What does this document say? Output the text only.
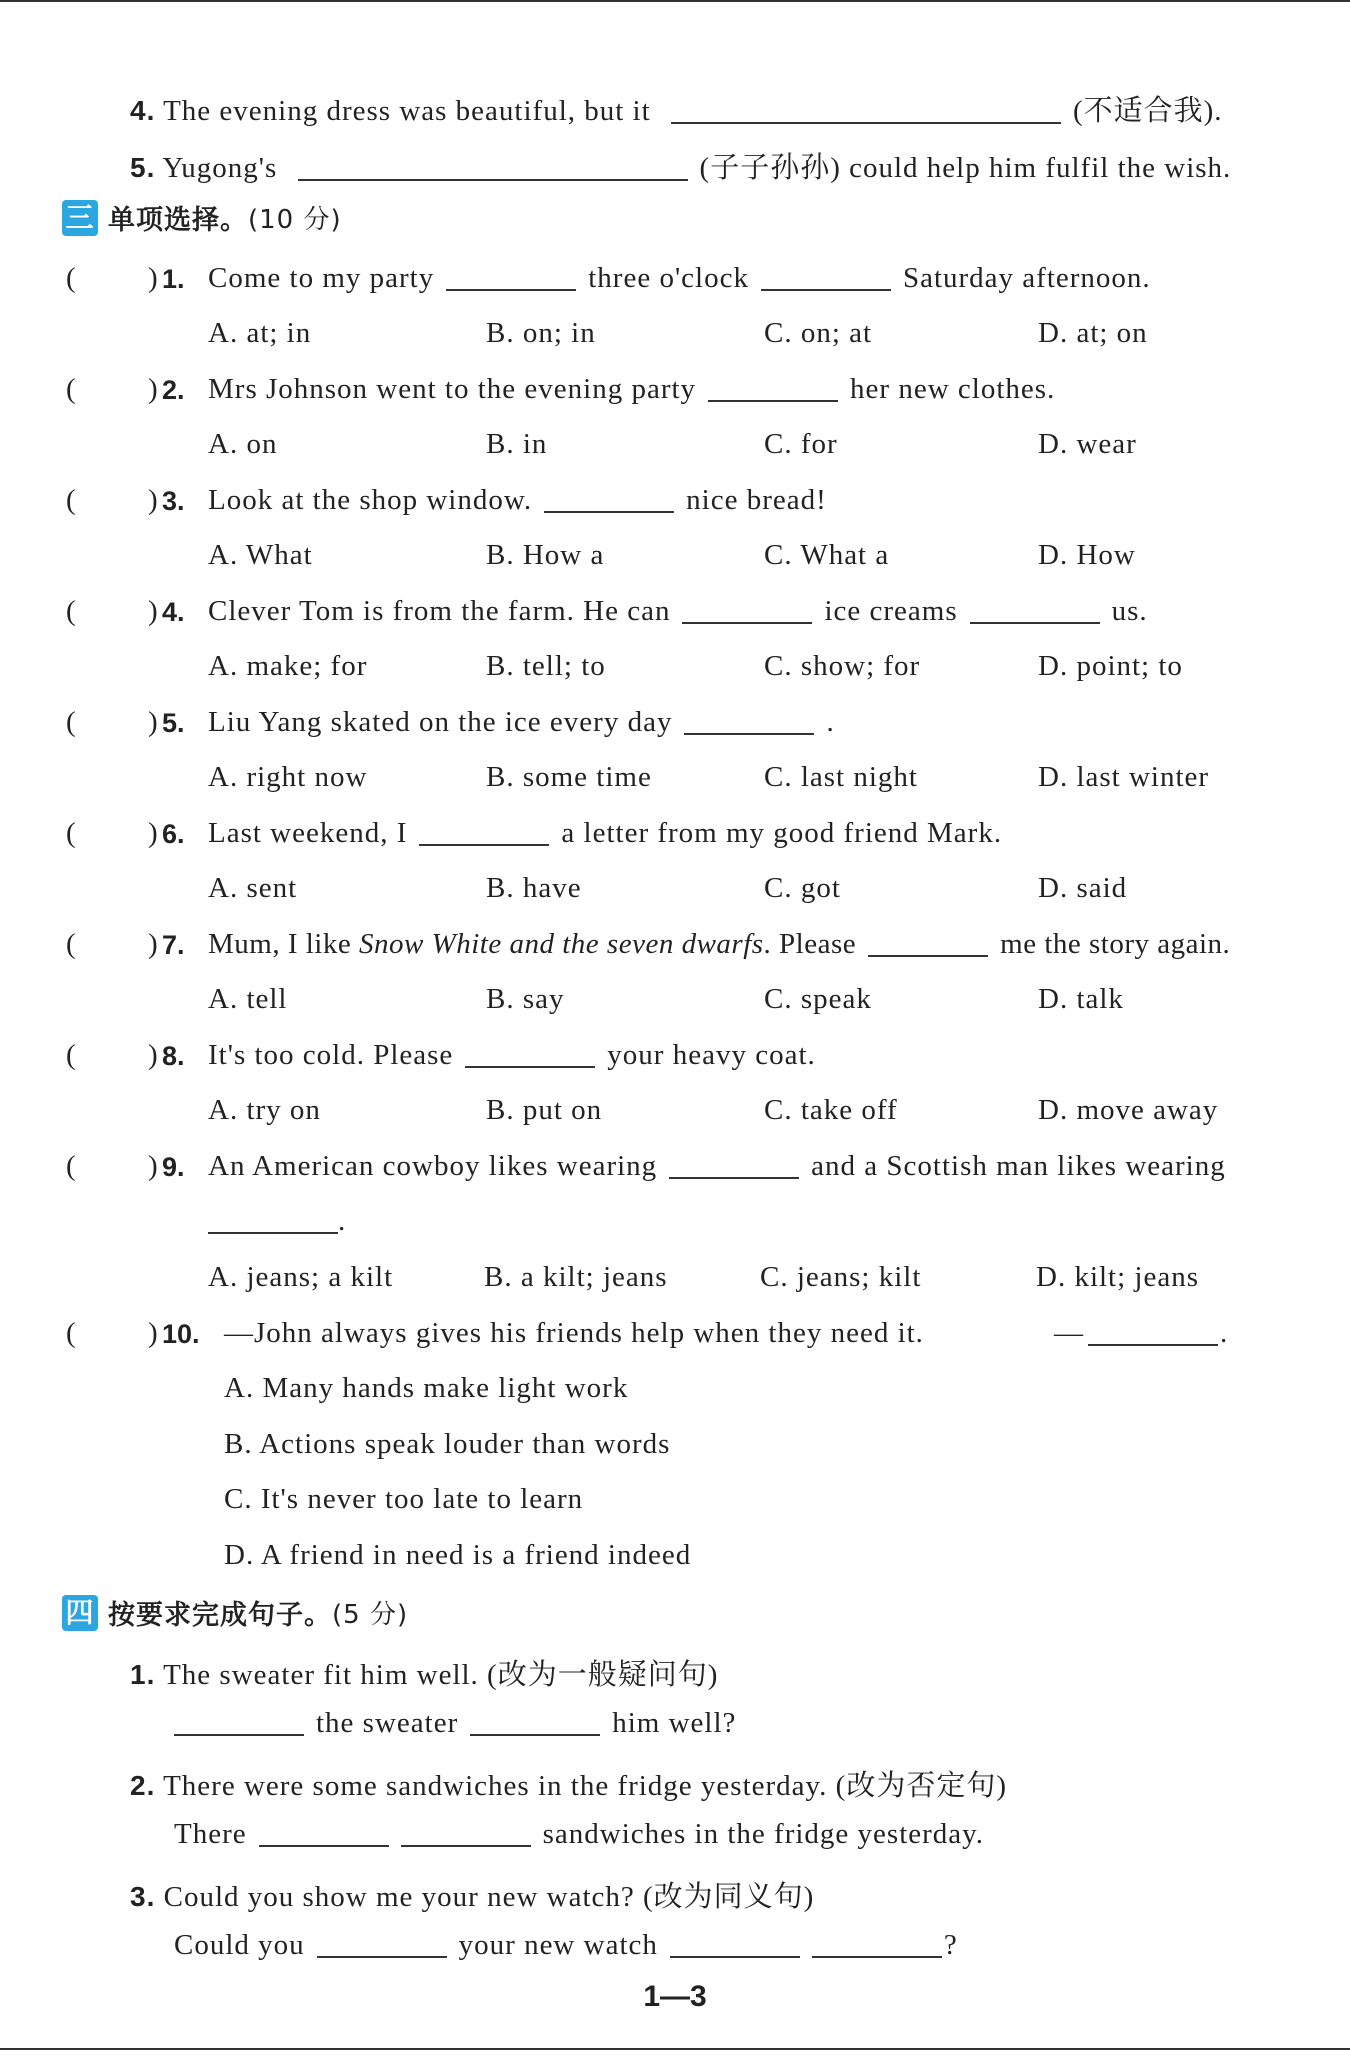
4. The evening dress was beautiful, but it	(不适合我).
5. Yugong's	(子子孙孙) could help him fulfil the wish.
三 单项选择。(10 分)
( ) 1. Come to my party	three o'clock	Saturday afternoon.
A. at; in	B. on; in	C. on; at	D. at; on
( ) 2. Mrs Johnson went to the evening party	her new clothes.
A. on	B. in	C. for	D. wear
( ) 3. Look at the shop window.	nice bread!
A. What	B. How a	C. What a	D. How
( ) 4. Clever Tom is from the farm. He can	ice creams	us.
A. make; for	B. tell; to	C. show; for	D. point; to
( ) 5. Liu Yang skated on the ice every day	.
A. right now	B. some time	C. last night	D. last winter
( ) 6. Last weekend, I	a letter from my good friend Mark.
A. sent	B. have	C. got	D. said
( ) 7. Mum, I like Snow White and the seven dwarfs. Please	me the story again.
A. tell	B. say	C. speak	D. talk
( ) 8. It's too cold. Please	your heavy coat.
A. try on	B. put on	C. take off	D. move away
( ) 9. An American cowboy likes wearing	and a Scottish man likes wearing
.
A. jeans; a kilt	B. a kilt; jeans	C. jeans; kilt	D. kilt; jeans
( ) 10. —John always gives his friends help when they need it.	—	.
A. Many hands make light work
B. Actions speak louder than words
C. It's never too late to learn
D. A friend in need is a friend indeed
四 按要求完成句子。(5 分)
1. The sweater fit him well. (改为一般疑问句)
the sweater	him well?
2. There were some sandwiches in the fridge yesterday. (改为否定句)
There	sandwiches in the fridge yesterday.
3. Could you show me your new watch? (改为同义句)
Could you	your new watch	?
1—3
